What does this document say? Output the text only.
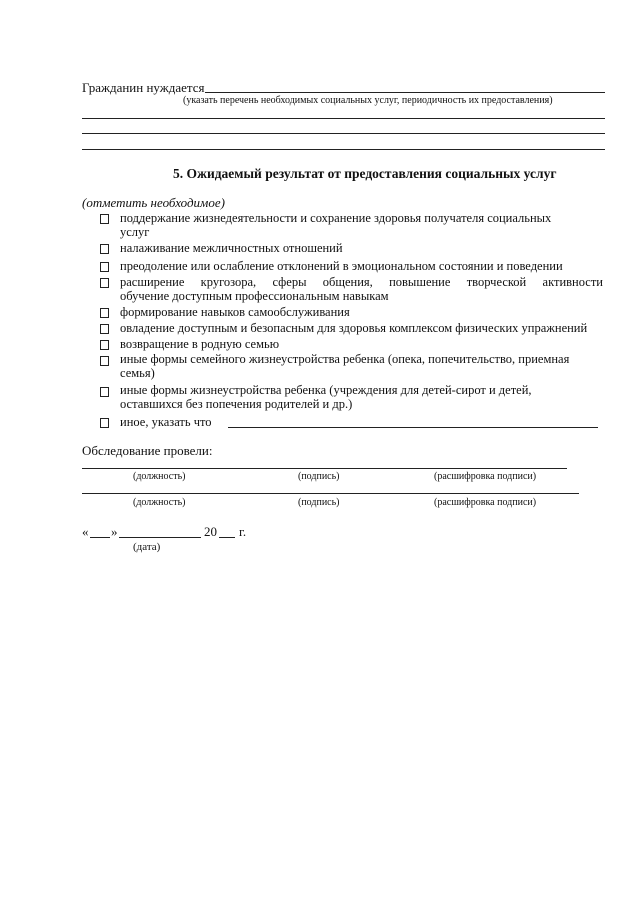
Гражданин нуждается
(указать перечень необходимых социальных услуг, периодичность их предоставления)
5. Ожидаемый результат от предоставления социальных услуг
(отметить необходимое)
поддержание жизнедеятельности и сохранение здоровья получателя социальных
услуг
налаживание межличностных отношений
преодоление или ослабление отклонений в эмоциональном состоянии и поведении
расширение кругозора, сферы общения, повышение творческой активности
обучение доступным профессиональным навыкам
формирование навыков самообслуживания
овладение доступным и безопасным для здоровья комплексом физических упражнений
возвращение в родную семью
иные формы семейного жизнеустройства ребенка (опека, попечительство, приемная
семья)
иные формы жизнеустройства ребенка (учреждения для детей-сирот и детей,
оставшихся без попечения родителей и др.)
иное, указать что
Обследование провели:
(должность)	(подпись)	(расшифровка подписи)
(должность)	(подпись)	(расшифровка подписи)
« »	20 г.
(дата)
